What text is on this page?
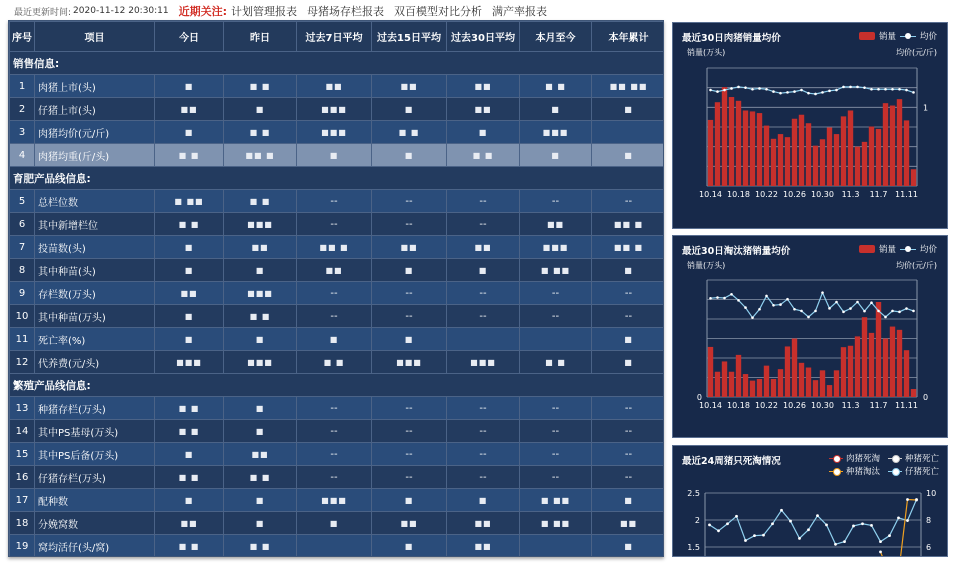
最近更新时间: 2020-11-12 20:30:11 近期关注: 计划管理报表 母猪场存栏报表 双百模型对比分析 满产率报表
序号	项目	今日	昨日	过去7日平均	过去15日平均	过去30日平均	本月至今	本年累计
销售信息:								
1	肉猪上市(头)	■	■ ■	■■	■■	■■	■ ■	■■ ■■
2	仔猪上市(头)	■■	■	■■■	■	■■	■	■
3	肉猪均价(元/斤)	■	■ ■	■■■	■ ■	■	■■■	
4	肉猪均重(斤/头)	■ ■	■■ ■	■	■	■ ■	■	■
育肥产品线信息:								
5	总栏位数	■ ■■	■ ■	--	--	--	--	--
6	其中新增栏位	■ ■	■■■	--	--	--	■■	■■ ■
7	投苗数(头)	■	■■	■■ ■	■■	■■	■■■	■■ ■
8	其中种苗(头)	■	■	■■	■	■	■ ■■	■
9	存栏数(万头)	■■	■■■	--	--	--	--	--
10	其中种苗(万头)	■	■ ■	--	--	--	--	--
11	死亡率(%)	■	■	■	■			■
12	代养费(元/头)	■■■	■■■	■ ■	■■■	■■■	■ ■	■
繁殖产品线信息:								
13	种猪存栏(万头)	■ ■	■	--	--	--	--	--
14	其中PS基母(万头)	■ ■	■	--	--	--	--	--
15	其中PS后备(万头)	■	■■	--	--	--	--	--
16	仔猪存栏(万头)	■ ■	■ ■	--	--	--	--	--
17	配种数	■	■	■■■	■	■	■ ■■	■
18	分娩窝数	■■	■	■	■■	■■	■ ■■	■■
19	窝均活仔(头/窝)	■ ■	■ ■		■	■■		■
最近30日肉猪销量均价	销量	均价
销量(万头)	均价(元/斤)
10.14 10.18 10.22 10.26 10.30 11.3 11.7 11.11
1
最近30日淘汰猪销量均价	销量	均价
销量(万头)	均价(元/斤)
10.14 10.18 10.22 10.26 10.30 11.3 11.7 11.11
0	0
最近24周猪只死淘情况	肉猪死淘	种猪死亡
种猪淘汰	仔猪死亡
2.5
2
1.5
10
8
6
